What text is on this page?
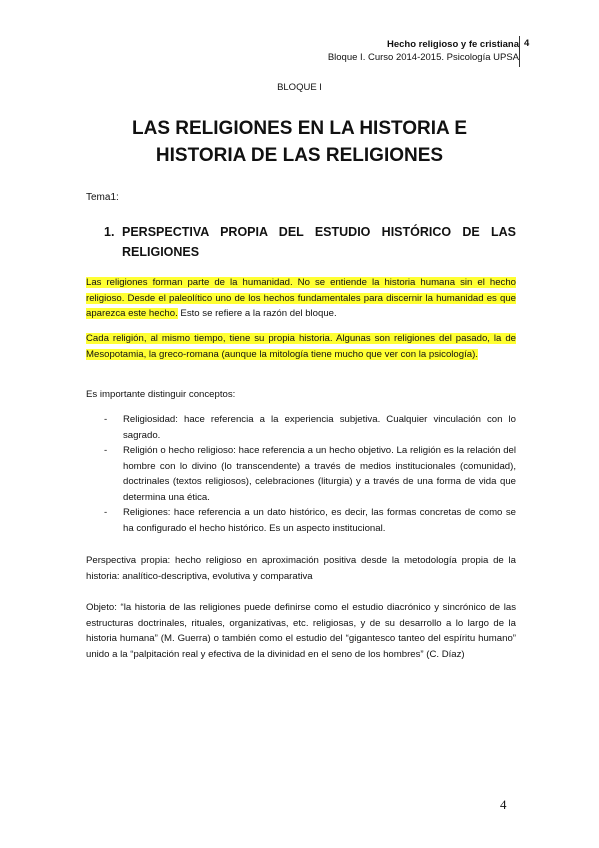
Hecho religioso y fe cristiana
Bloque I. Curso 2014-2015. Psicología UPSA
4
BLOQUE I
LAS RELIGIONES EN LA HISTORIA E
HISTORIA DE LAS RELIGIONES
Tema1:
1. PERSPECTIVA PROPIA DEL ESTUDIO HISTÓRICO DE LAS RELIGIONES
Las religiones forman parte de la humanidad. No se entiende la historia humana sin el hecho religioso. Desde el paleolítico uno de los hechos fundamentales para discernir la humanidad es que aparezca este hecho. Esto se refiere a la razón del bloque.
Cada religión, al mismo tiempo, tiene su propia historia. Algunas son religiones del pasado, la de Mesopotamia, la greco-romana (aunque la mitología tiene mucho que ver con la psicología).
Es importante distinguir conceptos:
- Religiosidad: hace referencia a la experiencia subjetiva. Cualquier vinculación con lo sagrado.
- Religión o hecho religioso: hace referencia a un hecho objetivo. La religión es la relación del hombre con lo divino (lo transcendente) a través de medios institucionales (comunidad), doctrinales (textos religiosos), celebraciones (liturgia) y a través de una forma de vida que determina una ética.
- Religiones: hace referencia a un dato histórico, es decir, las formas concretas de como se ha configurado el hecho histórico. Es un aspecto institucional.
Perspectiva propia: hecho religioso en aproximación positiva desde la metodología propia de la historia: analítico-descriptiva, evolutiva y comparativa
Objeto: “la historia de las religiones puede definirse como el estudio diacrónico y sincrónico de las estructuras doctrinales, rituales, organizativas, etc. religiosas, y de su desarrollo a lo largo de la historia humana” (M. Guerra) o también como el estudio del “gigantesco tanteo del espíritu humano” unido a la “palpitación real y efectiva de la divinidad en el seno de los hombres” (C. Díaz)
4
